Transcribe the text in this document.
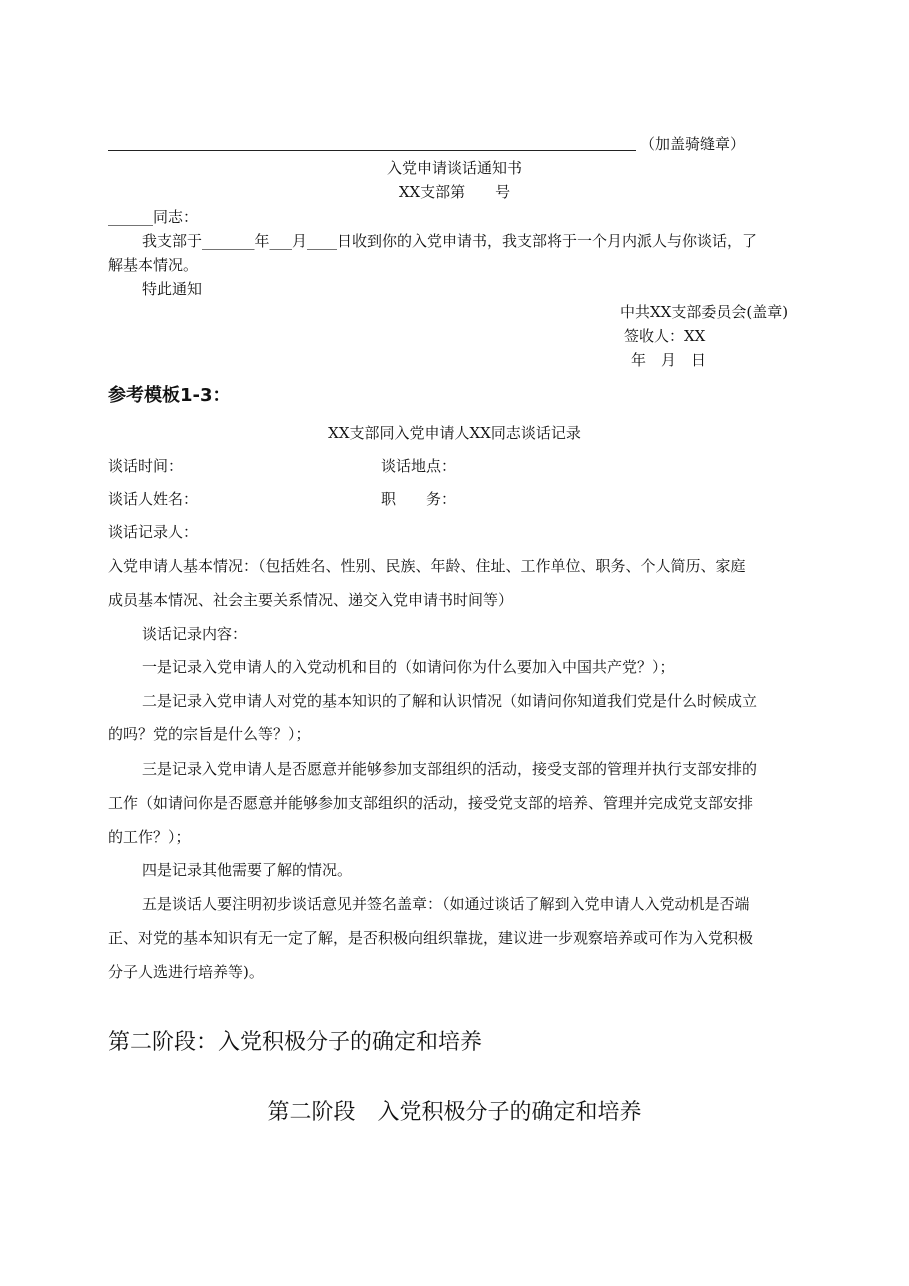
（加盖骑缝章）
入党申请谈话通知书
XX支部第　　号
______同志：
我支部于_______年___月____日收到你的入党申请书，我支部将于一个月内派人与你谈话，了
解基本情况。
特此通知
中共XX支部委员会(盖章)
签收人：XX
年　月　日
参考模板1-3：
XX支部同入党申请人XX同志谈话记录
谈话时间：	谈话地点：
谈话人姓名：	职　　务：
谈话记录人：
入党申请人基本情况：（包括姓名、性别、民族、年龄、住址、工作单位、职务、个人简历、家庭
成员基本情况、社会主要关系情况、递交入党申请书时间等）
谈话记录内容：
一是记录入党申请人的入党动机和目的（如请问你为什么要加入中国共产党？）；
二是记录入党申请人对党的基本知识的了解和认识情况（如请问你知道我们党是什么时候成立
的吗？党的宗旨是什么等？）；
三是记录入党申请人是否愿意并能够参加支部组织的活动，接受支部的管理并执行支部安排的
工作（如请问你是否愿意并能够参加支部组织的活动，接受党支部的培养、管理并完成党支部安排
的工作？）；
四是记录其他需要了解的情况。
五是谈话人要注明初步谈话意见并签名盖章：（如通过谈话了解到入党申请人入党动机是否端
正、对党的基本知识有无一定了解，是否积极向组织靠拢，建议进一步观察培养或可作为入党积极
分子人选进行培养等)。
第二阶段：入党积极分子的确定和培养
第二阶段　入党积极分子的确定和培养
